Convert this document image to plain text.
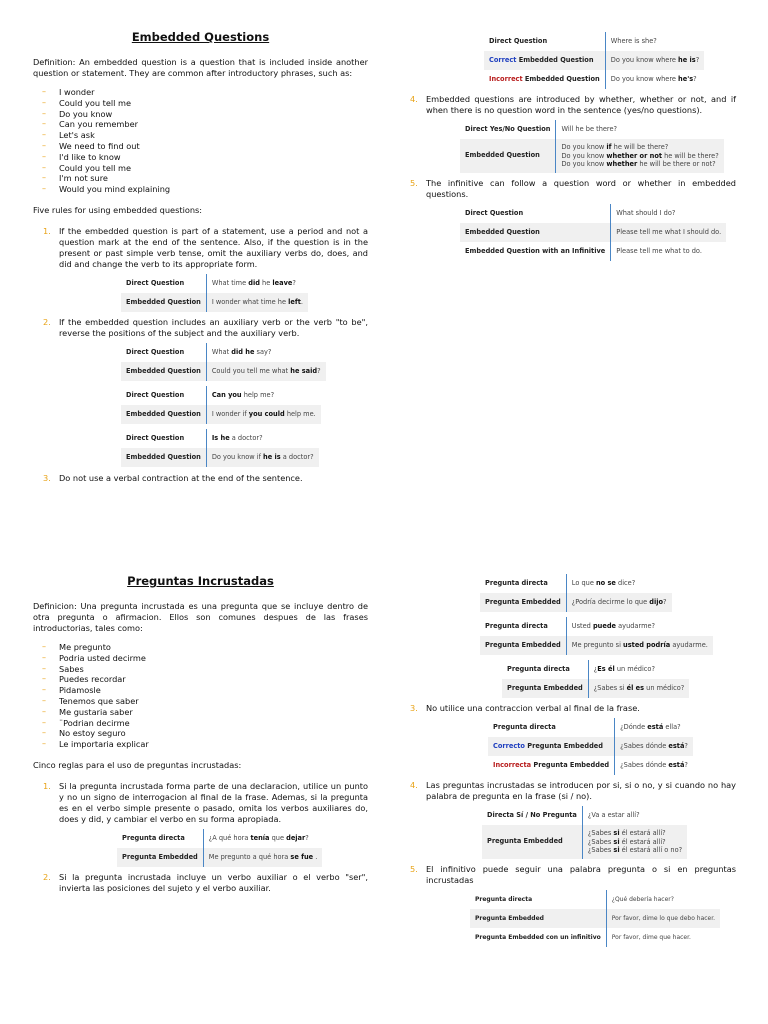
Embedded Questions

Definition: An embedded question is a question that is included inside another question or statement. They are common after introductory phrases, such as:

– I wonder
– Could you tell me
– Do you know
– Can you remember
– Let's ask
– We need to find out
– I'd like to know
– Could you tell me
– I'm not sure
– Would you mind explaining

Five rules for using embedded questions:

1. If the embedded question is part of a statement, use a period and not a question mark at the end of the sentence. Also, if the question is in the present or past simple verb tense, omit the auxiliary verbs do, does, and did and change the verb to its appropriate form.
Direct Question	What time did he leave?
Embedded Question	I wonder what time he left.
2. If the embedded question includes an auxiliary verb or the verb "to be", reverse the positions of the subject and the auxiliary verb.
Direct Question	What did he say?
Embedded Question	Could you tell me what he said?
Direct Question	Can you help me?
Embedded Question	I wonder if you could help me.
Direct Question	Is he a doctor?
Embedded Question	Do you know if he is a doctor?
3. Do not use a verbal contraction at the end of the sentence.
Direct Question	Where is she?
Correct Embedded Question	Do you know where he is?
Incorrect Embedded Question	Do you know where he's?
4. Embedded questions are introduced by whether, whether or not, and if when there is no question word in the sentence (yes/no questions).
Direct Yes/No Question	Will he be there?
Embedded Question	Do you know if he will be there?
Do you know whether or not he will be there?
Do you know whether he will be there or not?
5. The infinitive can follow a question word or whether in embedded questions.
Direct Question	What should I do?
Embedded Question	Please tell me what I should do.
Embedded Question with an Infinitive	Please tell me what to do.
Preguntas Incrustadas

Definicion: Una pregunta incrustada es una pregunta que se incluye dentro de otra pregunta o afirmacion. Ellos son comunes despues de las frases introductorias, tales como:

– Me pregunto
– Podria usted decirme
– Sabes
– Puedes recordar
– Pidamosle
– Tenemos que saber
– Me gustaria saber
– ¨Podrian decirme
– No estoy seguro
– Le importaria explicar

Cinco reglas para el uso de preguntas incrustadas:

1. Si la pregunta incrustada forma parte de una declaracion, utilice un punto y no un signo de interrogacion al final de la frase. Ademas, si la pregunta es en el verbo simple presente o pasado, omita los verbos auxiliares do, does y did, y cambiar el verbo en su forma apropiada.
Pregunta directa	¿A qué hora tenía que dejar?
Pregunta Embedded	Me pregunto a qué hora se fue .
2. Si la pregunta incrustada incluye un verbo auxiliar o el verbo "ser", invierta las posiciones del sujeto y el verbo auxiliar.
Pregunta directa	Lo que no se dice?
Pregunta Embedded	¿Podría decirme lo que dijo?
Pregunta directa	Usted puede ayudarme?
Pregunta Embedded	Me pregunto si usted podría ayudarme.
Pregunta directa	¿Es él un médico?
Pregunta Embedded	¿Sabes si él es un médico?
3. No utilice una contraccion verbal al final de la frase.
Pregunta directa	¿Dónde está ella?
Correcto Pregunta Embedded	¿Sabes dónde está?
Incorrecta Pregunta Embedded	¿Sabes dónde está?
4. Las preguntas incrustadas se introducen por si, si o no, y si cuando no hay palabra de pregunta en la frase (si / no).
Directa Sí / No Pregunta	¿Va a estar allí?
Pregunta Embedded	¿Sabes si él estará allí?
¿Sabes si él estará allí?
¿Sabes si él estará allí o no?
5. El infinitivo puede seguir una palabra pregunta o si en preguntas incrustadas
Pregunta directa	¿Qué debería hacer?
Pregunta Embedded	Por favor, dime lo que debo hacer.
Pregunta Embedded con un infinitivo	Por favor, dime que hacer.
